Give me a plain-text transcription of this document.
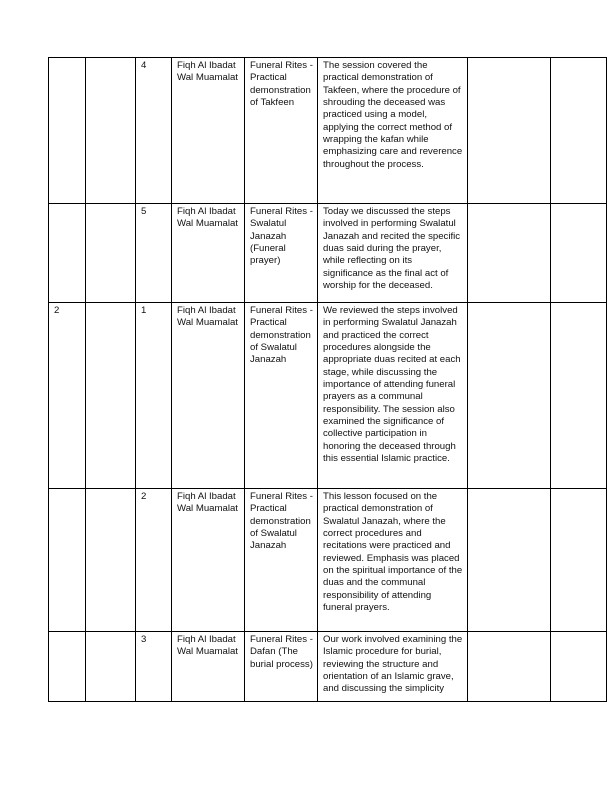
		4	Fiqh Al Ibadat Wal Muamalat	Funeral Rites - Practical demonstration of Takfeen	The session covered the practical demonstration of Takfeen, where the procedure of shrouding the deceased was practiced using a model, applying the correct method of wrapping the kafan while emphasizing care and reverence throughout the process.		
		5	Fiqh Al Ibadat Wal Muamalat	Funeral Rites - Swalatul Janazah (Funeral prayer)	Today we discussed the steps involved in performing Swalatul Janazah and recited the specific duas said during the prayer, while reflecting on its significance as the final act of worship for the deceased.		
2		1	Fiqh Al Ibadat Wal Muamalat	Funeral Rites - Practical demonstration of Swalatul Janazah	We reviewed the steps involved in performing Swalatul Janazah and practiced the correct procedures alongside the appropriate duas recited at each stage, while discussing the importance of attending funeral prayers as a communal responsibility. The session also examined the significance of collective participation in honoring the deceased through this essential Islamic practice.		
		2	Fiqh Al Ibadat Wal Muamalat	Funeral Rites - Practical demonstration of Swalatul Janazah	This lesson focused on the practical demonstration of Swalatul Janazah, where the correct procedures and recitations were practiced and reviewed. Emphasis was placed on the spiritual importance of the duas and the communal responsibility of attending funeral prayers.		
		3	Fiqh Al Ibadat Wal Muamalat	Funeral Rites - Dafan (The burial process)	Our work involved examining the Islamic procedure for burial, reviewing the structure and orientation of an Islamic grave, and discussing the simplicity		
